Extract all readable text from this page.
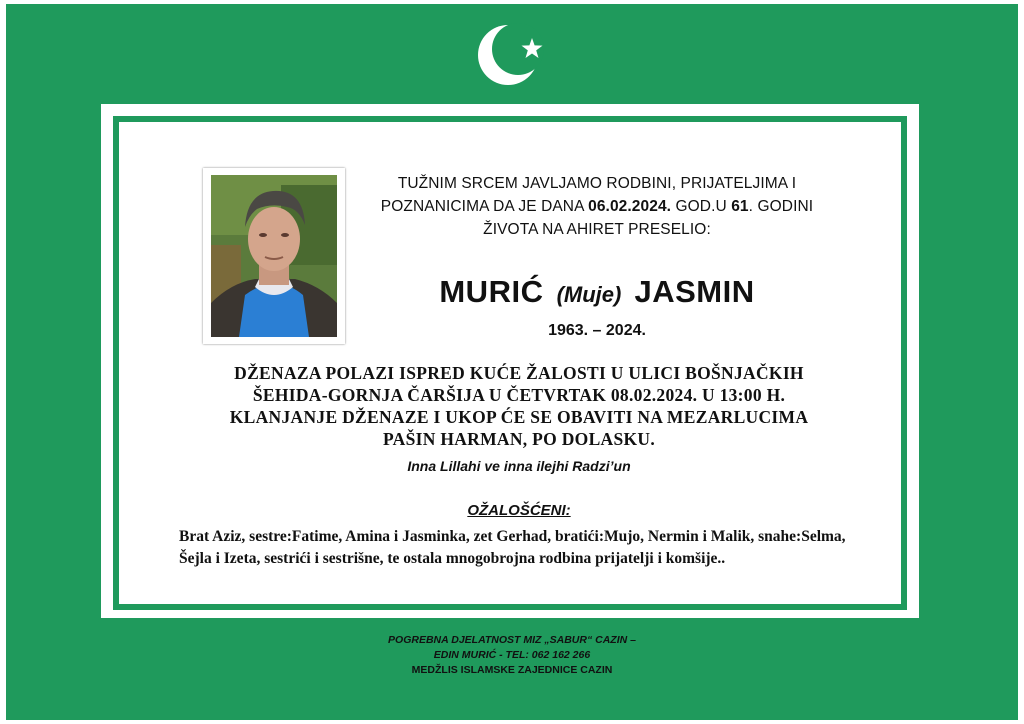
TUŽNIM SRCEM JAVLJAMO RODBINI, PRIJATELJIMA I
POZNANICIMA DA JE DANA 06.02.2024. GOD.U 61. GODINI
ŽIVOTA NA AHIRET PRESELIO:
MURIĆ (Muje) JASMIN
1963. – 2024.
DŽENAZA POLAZI ISPRED KUĆE ŽALOSTI U ULICI BOŠNJAČKIH
ŠEHIDA-GORNJA ČARŠIJA U ČETVRTAK 08.02.2024. U 13:00 H.
KLANJANJE DŽENAZE I UKOP ĆE SE OBAVITI NA MEZARLUCIMA
PAŠIN HARMAN, PO DOLASKU.
Inna Lillahi ve inna ilejhi Radzi’un
OŽALOŠĆENI:
Brat Aziz, sestre:Fatime, Amina i Jasminka, zet Gerhad, bratići:Mujo, Nermin i Malik, snahe:Selma, Šejla i Izeta, sestrići i sestrišne, te ostala mnogobrojna rodbina prijatelji i komšije..
POGREBNA DJELATNOST MIZ „SABUR“ CAZIN –
EDIN MURIĆ - TEL: 062 162 266
MEDŽLIS ISLAMSKE ZAJEDNICE CAZIN
